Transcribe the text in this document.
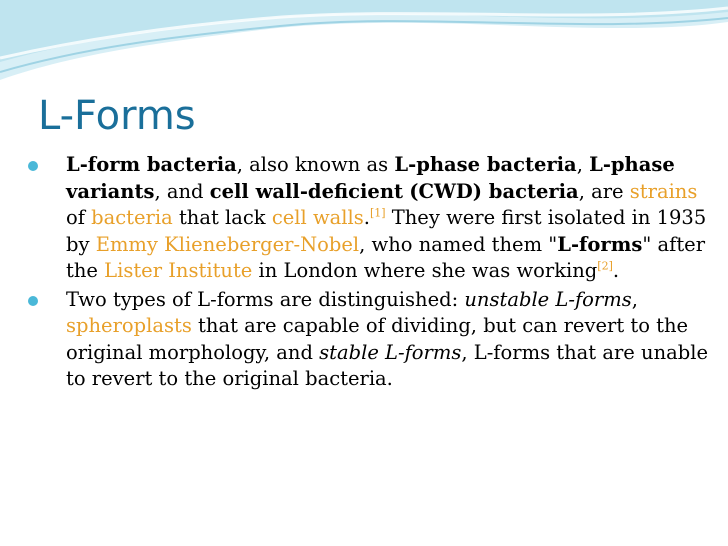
L-Forms

L-form bacteria, also known as L-phase bacteria, L-phase variants, and cell wall-deficient (CWD) bacteria, are strains of bacteria that lack cell walls.[1] They were first isolated in 1935 by Emmy Klieneberger-Nobel, who named them "L-forms" after the Lister Institute in London where she was working[2].

Two types of L-forms are distinguished: unstable L-forms, spheroplasts that are capable of dividing, but can revert to the original morphology, and stable L-forms, L-forms that are unable to revert to the original bacteria.
